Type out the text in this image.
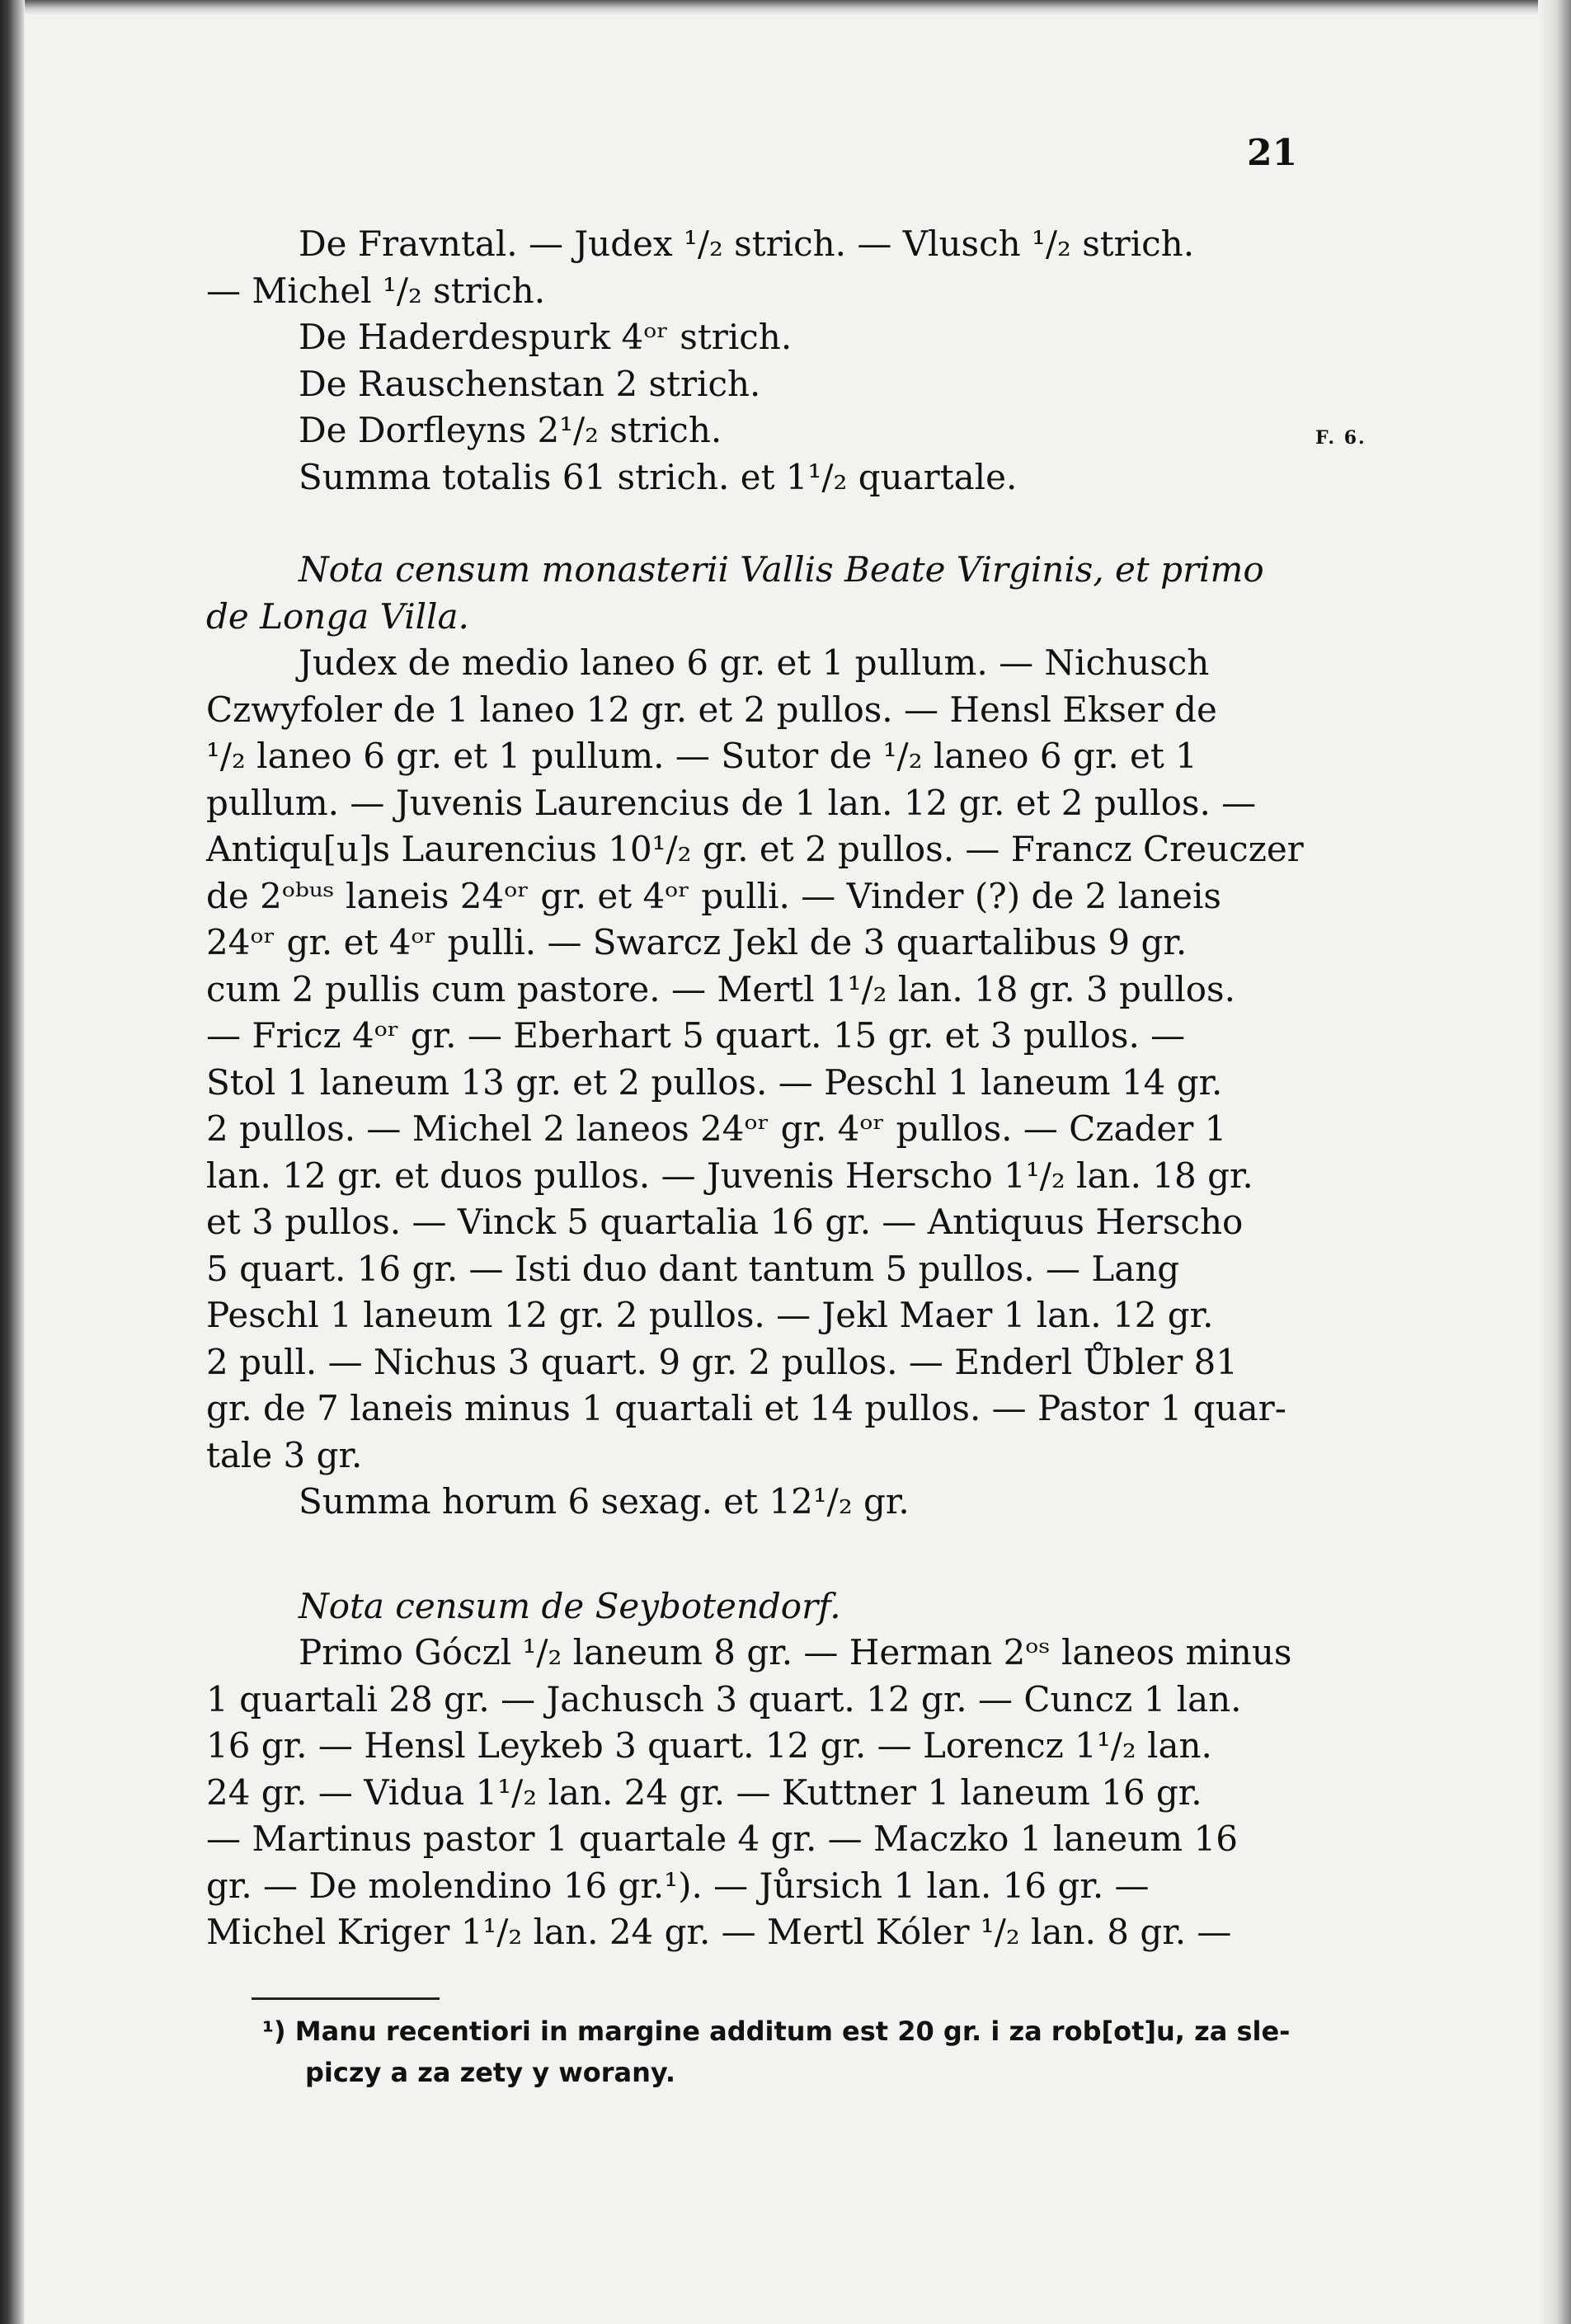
21
F. 6.
De Fravntal. — Judex ¹/₂ strich. — Vlusch ¹/₂ strich.
— Michel ¹/₂ strich.
De Haderdespurk 4ᵒʳ strich.
De Rauschenstan 2 strich.
De Dorfleyns 2¹/₂ strich.
Summa totalis 61 strich. et 1¹/₂ quartale.
Nota censum monasterii Vallis Beate Virginis, et primo
de Longa Villa.
Judex de medio laneo 6 gr. et 1 pullum. — Nichusch
Czwyfoler de 1 laneo 12 gr. et 2 pullos. — Hensl Ekser de
¹/₂ laneo 6 gr. et 1 pullum. — Sutor de ¹/₂ laneo 6 gr. et 1
pullum. — Juvenis Laurencius de 1 lan. 12 gr. et 2 pullos. —
Antiqu[u]s Laurencius 10¹/₂ gr. et 2 pullos. — Francz Creuczer
de 2ᵒᵇᵘˢ laneis 24ᵒʳ gr. et 4ᵒʳ pulli. — Vinder (?) de 2 laneis
24ᵒʳ gr. et 4ᵒʳ pulli. — Swarcz Jekl de 3 quartalibus 9 gr.
cum 2 pullis cum pastore. — Mertl 1¹/₂ lan. 18 gr. 3 pullos.
— Fricz 4ᵒʳ gr. — Eberhart 5 quart. 15 gr. et 3 pullos. —
Stol 1 laneum 13 gr. et 2 pullos. — Peschl 1 laneum 14 gr.
2 pullos. — Michel 2 laneos 24ᵒʳ gr. 4ᵒʳ pullos. — Czader 1
lan. 12 gr. et duos pullos. — Juvenis Herscho 1¹/₂ lan. 18 gr.
et 3 pullos. — Vinck 5 quartalia 16 gr. — Antiquus Herscho
5 quart. 16 gr. — Isti duo dant tantum 5 pullos. — Lang
Peschl 1 laneum 12 gr. 2 pullos. — Jekl Maer 1 lan. 12 gr.
2 pull. — Nichus 3 quart. 9 gr. 2 pullos. — Enderl Ůbler 81
gr. de 7 laneis minus 1 quartali et 14 pullos. — Pastor 1 quar-
tale 3 gr.
Summa horum 6 sexag. et 12¹/₂ gr.
Nota censum de Seybotendorf.
Primo Góczl ¹/₂ laneum 8 gr. — Herman 2ᵒˢ laneos minus
1 quartali 28 gr. — Jachusch 3 quart. 12 gr. — Cuncz 1 lan.
16 gr. — Hensl Leykeb 3 quart. 12 gr. — Lorencz 1¹/₂ lan.
24 gr. — Vidua 1¹/₂ lan. 24 gr. — Kuttner 1 laneum 16 gr.
— Martinus pastor 1 quartale 4 gr. — Maczko 1 laneum 16
gr. — De molendino 16 gr.¹). — Jůrsich 1 lan. 16 gr. —
Michel Kriger 1¹/₂ lan. 24 gr. — Mertl Kóler ¹/₂ lan. 8 gr. —
¹) Manu recentiori in margine additum est 20 gr. i za rob[ot]u, za sle-
piczy a za zety y worany.
